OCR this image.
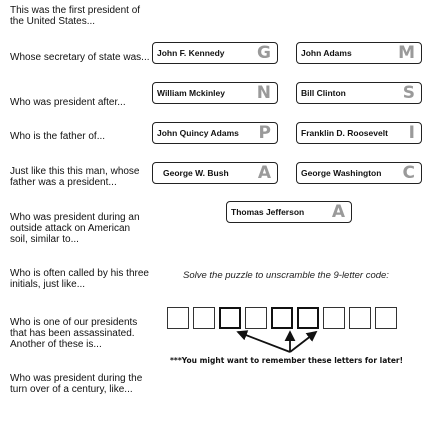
This was the first president of the United States...
Whose secretary of state was...
Who was president after...
Who is the father of...
Just like this this man, whose father was a president...
Who was president during an outside attack on American soil, similar to...
Who is often called by his three initials, just like...
Who is one of our presidents that has been assassinated. Another of these is...
Who was president during the turn over of a century, like...
John F. Kennedy	G	John Adams	M
William Mckinley	N	Bill Clinton	S
John Quincy Adams	P	Franklin D. Roosevelt	I
George W. Bush	A	George Washington	C
Thomas Jefferson	A
Solve the puzzle to unscramble the 9-letter code:
***You might want to remember these letters for later!
